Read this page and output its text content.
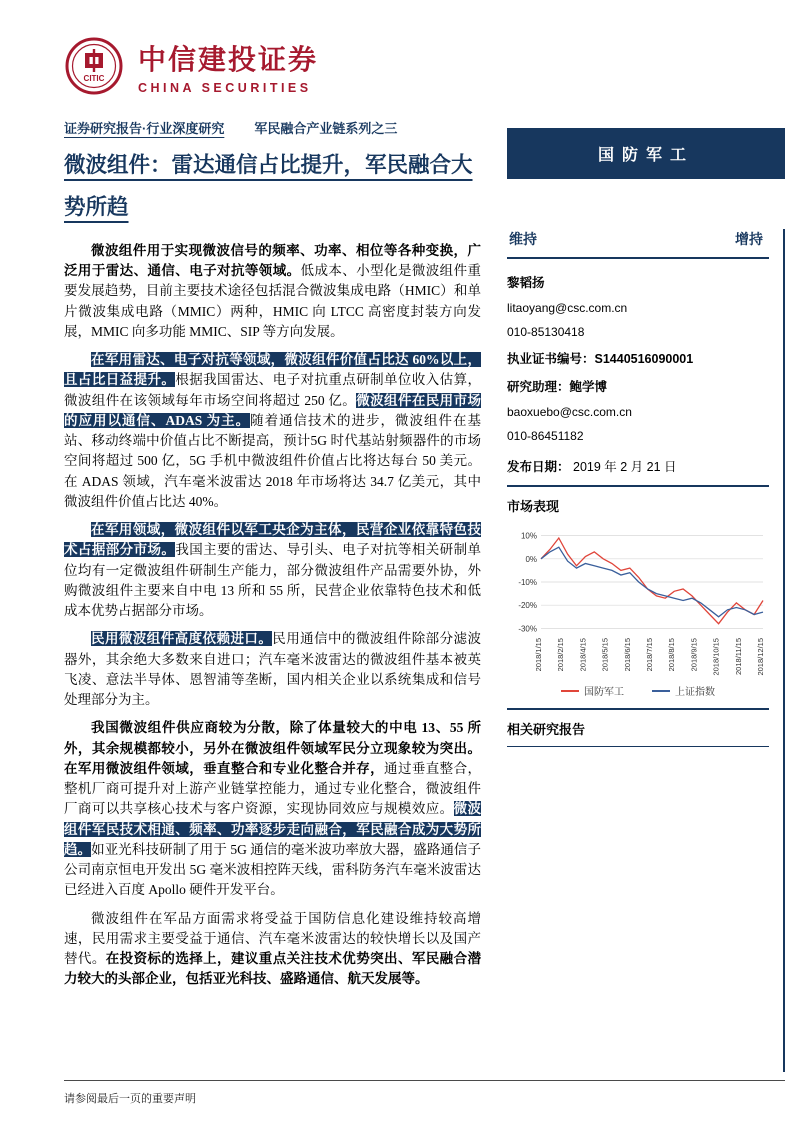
CITIC
中信建投证券
CHINA SECURITIES
证券研究报告·行业深度研究 军民融合产业链系列之三
微波组件：雷达通信占比提升，军民融合大势所趋

微波组件用于实现微波信号的频率、功率、相位等各种变换，广泛用于雷达、通信、电子对抗等领域。低成本、小型化是微波组件重要发展趋势，目前主要技术途径包括混合微波集成电路（HMIC）和单片微波集成电路（MMIC）两种，HMIC 向 LTCC 高密度封装方向发展，MMIC 向多功能 MMIC、SIP 等方向发展。

在军用雷达、电子对抗等领域，微波组件价值占比达 60%以上，且占比日益提升。根据我国雷达、电子对抗重点研制单位收入估算，微波组件在该领域每年市场空间将超过 250 亿。微波组件在民用市场的应用以通信、ADAS 为主。随着通信技术的进步，微波组件在基站、移动终端中价值占比不断提高，预计5G 时代基站射频器件的市场空间将超过 500 亿，5G 手机中微波组件价值占比将达每台 50 美元。在 ADAS 领域，汽车毫米波雷达 2018 年市场将达 34.7 亿美元，其中微波组件价值占比达 40%。

在军用领域，微波组件以军工央企为主体，民营企业依靠特色技术占据部分市场。我国主要的雷达、导引头、电子对抗等相关研制单位均有一定微波组件研制生产能力，部分微波组件产品需要外协，外购微波组件主要来自中电 13 所和 55 所，民营企业依靠特色技术和低成本优势占据部分市场。

民用微波组件高度依赖进口。民用通信中的微波组件除部分滤波器外，其余绝大多数来自进口；汽车毫米波雷达的微波组件基本被英飞凌、意法半导体、恩智浦等垄断，国内相关企业以系统集成和信号处理部分为主。

我国微波组件供应商较为分散，除了体量较大的中电 13、55 所外，其余规模都较小，另外在微波组件领域军民分立现象较为突出。在军用微波组件领域，垂直整合和专业化整合并存，通过垂直整合，整机厂商可提升对上游产业链掌控能力，通过专业化整合，微波组件厂商可以共享核心技术与客户资源，实现协同效应与规模效应。微波组件军民技术相通、频率、功率逐步走向融合，军民融合成为大势所趋。如亚光科技研制了用于 5G 通信的毫米波功率放大器，盛路通信子公司南京恒电开发出 5G 毫米波相控阵天线，雷科防务汽车毫米波雷达已经进入百度 Apollo 硬件开发平台。

微波组件在军品方面需求将受益于国防信息化建设维持较高增速，民用需求主要受益于通信、汽车毫米波雷达的较快增长以及国产替代。在投资标的选择上，建议重点关注技术优势突出、军民融合潜力较大的头部企业，包括亚光科技、盛路通信、航天发展等。

国防军工
维持	增持
黎韬扬
litaoyang@csc.com.cn
010-85130418
执业证书编号：S1440516090001
研究助理：鲍学博
baoxuebo@csc.com.cn
010-86451182
发布日期： 2019 年 2 月 21 日
市场表现
10%
0%
-10%
-20%
-30%
2018/1/15 2018/2/15 2018/4/15 2018/5/15 2018/6/15 2018/7/15 2018/8/15 2018/9/15 2018/10/15 2018/11/15 2018/12/15
国防军工	上证指数
相关研究报告
请参阅最后一页的重要声明
